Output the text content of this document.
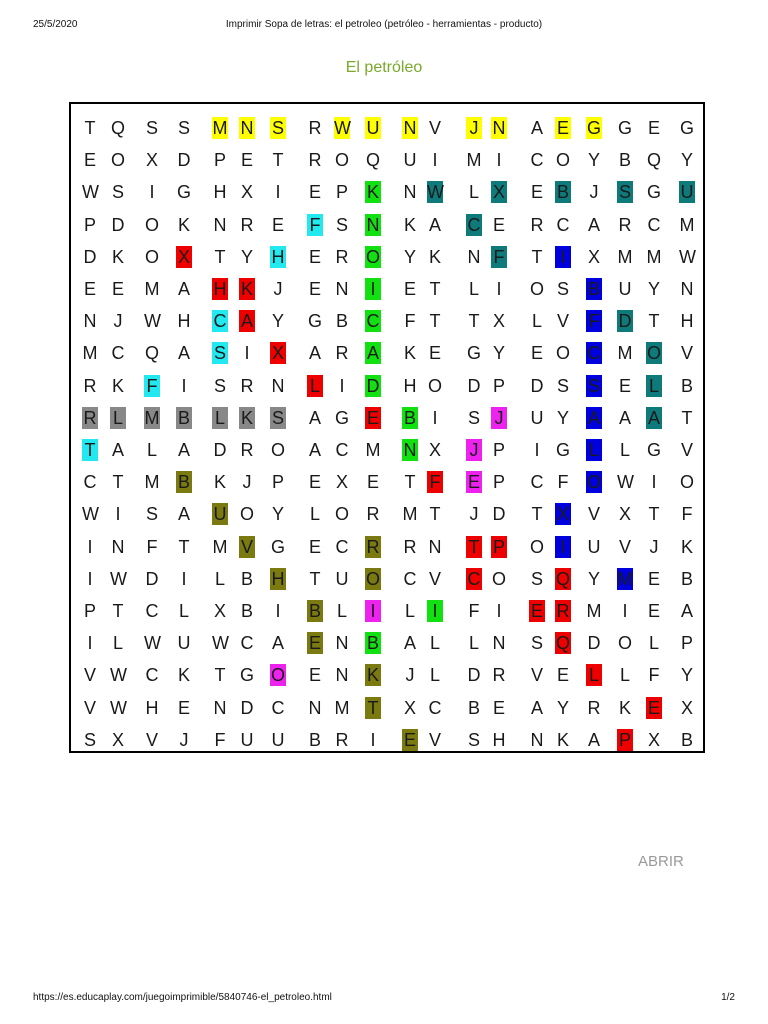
25/5/2020	Imprimir Sopa de letras: el petroleo (petróleo - herramientas - producto)
El petróleo
T Q S S M N S R W U N V J N A E G G E G
E O X D P E T R O Q U I	M I	C O Y B Q Y
W S	I	G H X	I	E P K N W L X E B J S G U
P D O K N R E F S N K A C E R C A R C M
D K O X T Y H E R O Y K N F T I	X M M W
E E M A H K J E N	I	E T L I	O S B U Y N
N J W H C A Y G B C F T T X L V F D T H
M C Q A S	I	X A R A K E G Y E O C M O V
R K F	I	S R N L	I	D H O D P D S S E L B
R L M B L K S A G E B I	S J U Y A A A T
T A L A D R O A C M N X J P	I G L L G V
C T M B K J P E X E T F E P C F O W I	O
W I	S A U O Y L O R M T J D T X V X T F
I	N F T M V G E C R R N T P O I	U V J K
I W D	I	L B H T U O C V C O S Q Y M E B
P T C L X B	I	B L	I	L I	F I	E R M	I	E A
I	L W U W C A E N B A L L N S Q D O L P
V W C K T G O E N K J L D R V E L L F Y
V W H E N D C N M T X C B E A Y R K E X
S X V J F U U B R	I	E V S H N K A P X B
ABRIR
https://es.educaplay.com/juegoimprimible/5840746-el_petroleo.html	1/2
